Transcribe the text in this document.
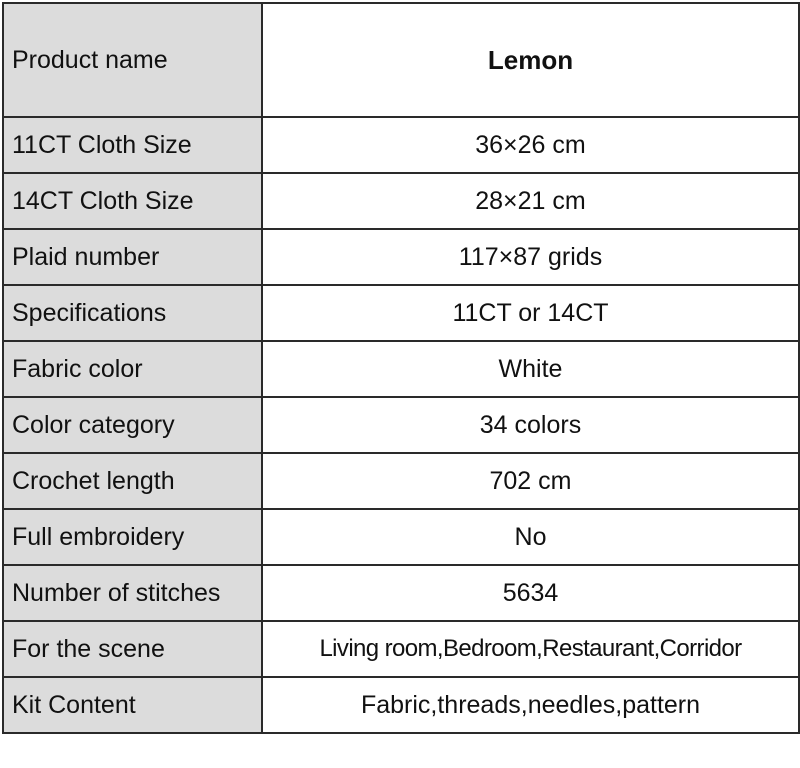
Product name	Lemon
11CT Cloth Size	36×26 cm
14CT Cloth Size	28×21 cm
Plaid number	117×87 grids
Specifications	11CT or 14CT
Fabric color	White
Color category	34 colors
Crochet length	702 cm
Full embroidery	No
Number of stitches	5634
For the scene	Living room,Bedroom,Restaurant,Corridor
Kit Content	Fabric,threads,needles,pattern
